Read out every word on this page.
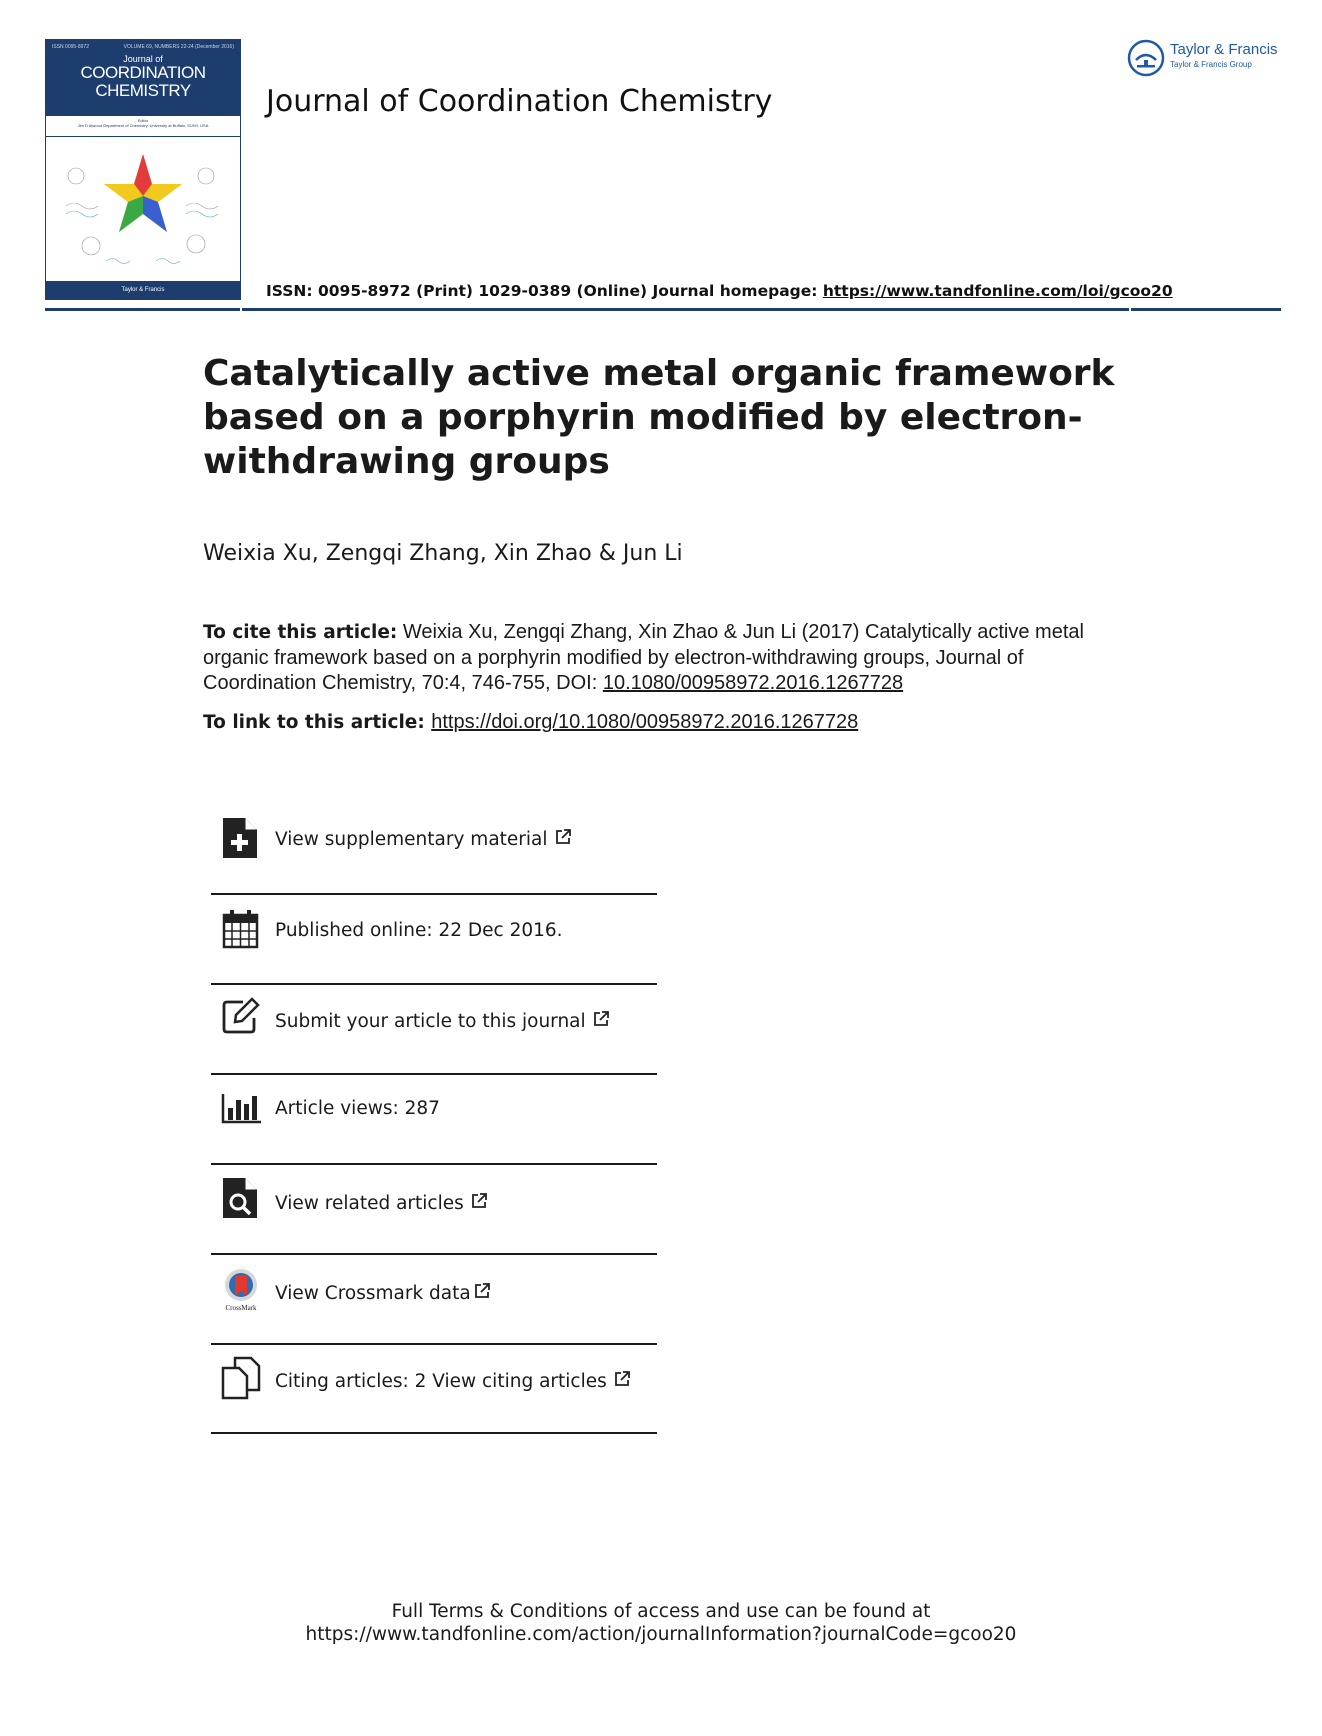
ISSN 0095-8972	VOLUME 69, NUMBERS 22-24 (December 2016)
Journal of
COORDINATION
CHEMISTRY
Editor
Jim D Atwood Department of Chemistry, University at Buffalo, SUNY, USA
Taylor & Francis
Journal of Coordination Chemistry
Taylor & Francis
Taylor & Francis Group
ISSN: 0095-8972 (Print) 1029-0389 (Online) Journal homepage: https://www.tandfonline.com/loi/gcoo20
Catalytically active metal organic framework based on a porphyrin modified by electron-withdrawing groups
Weixia Xu, Zengqi Zhang, Xin Zhao & Jun Li
To cite this article: Weixia Xu, Zengqi Zhang, Xin Zhao & Jun Li (2017) Catalytically active metal organic framework based on a porphyrin modified by electron-withdrawing groups, Journal of Coordination Chemistry, 70:4, 746-755, DOI: 10.1080/00958972.2016.1267728
To link to this article: https://doi.org/10.1080/00958972.2016.1267728
View supplementary material
Published online: 22 Dec 2016.
Submit your article to this journal
Article views: 287
View related articles
CrossMark
View Crossmark data
Citing articles: 2 View citing articles
Full Terms & Conditions of access and use can be found at
https://www.tandfonline.com/action/journalInformation?journalCode=gcoo20
